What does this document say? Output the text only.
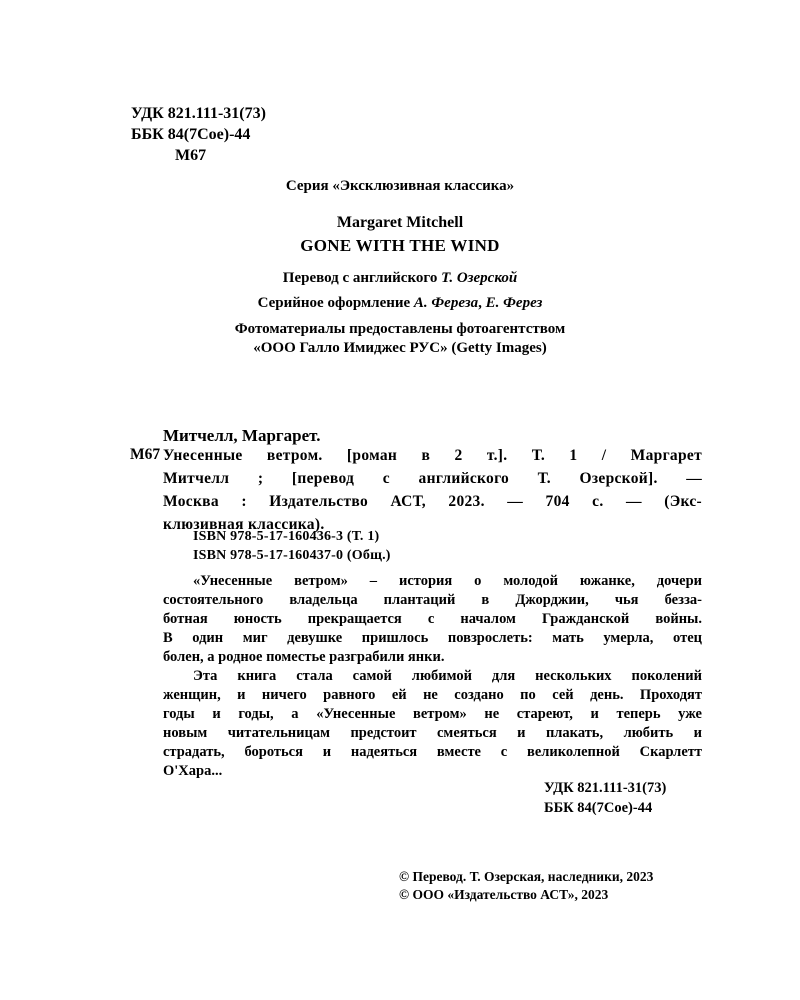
УДК 821.111-31(73)
ББК 84(7Сое)-44
М67
Серия «Эксклюзивная классика»
Margaret Mitchell
GONE WITH THE WIND
Перевод с английского Т. Озерской
Серийное оформление А. Фереза, Е. Ферез
Фотоматериалы предоставлены фотоагентством
«ООО Галло Имиджес РУС» (Getty Images)
Митчелл, Маргарет.
М67 Унесенные ветром. [роман в 2 т.]. Т. 1 / Маргарет
Митчелл ; [перевод с английского Т. Озерской]. —
Москва : Издательство АСТ, 2023. — 704 с. — (Экс-
клюзивная классика).
ISBN 978-5-17-160436-3 (Т. 1)
ISBN 978-5-17-160437-0 (Общ.)
«Унесенные ветром» – история о молодой южанке, дочери
состоятельного владельца плантаций в Джорджии, чья безза-
ботная юность прекращается с началом Гражданской войны.
В один миг девушке пришлось повзрослеть: мать умерла, отец
болен, а родное поместье разграбили янки.
Эта книга стала самой любимой для нескольких поколений
женщин, и ничего равного ей не создано по сей день. Проходят
годы и годы, а «Унесенные ветром» не стареют, и теперь уже
новым читательницам предстоит смеяться и плакать, любить и
страдать, бороться и надеяться вместе с великолепной Скарлетт
О'Хара...
УДК 821.111-31(73)
ББК 84(7Сое)-44
© Перевод. Т. Озерская, наследники, 2023
© ООО «Издательство АСТ», 2023
